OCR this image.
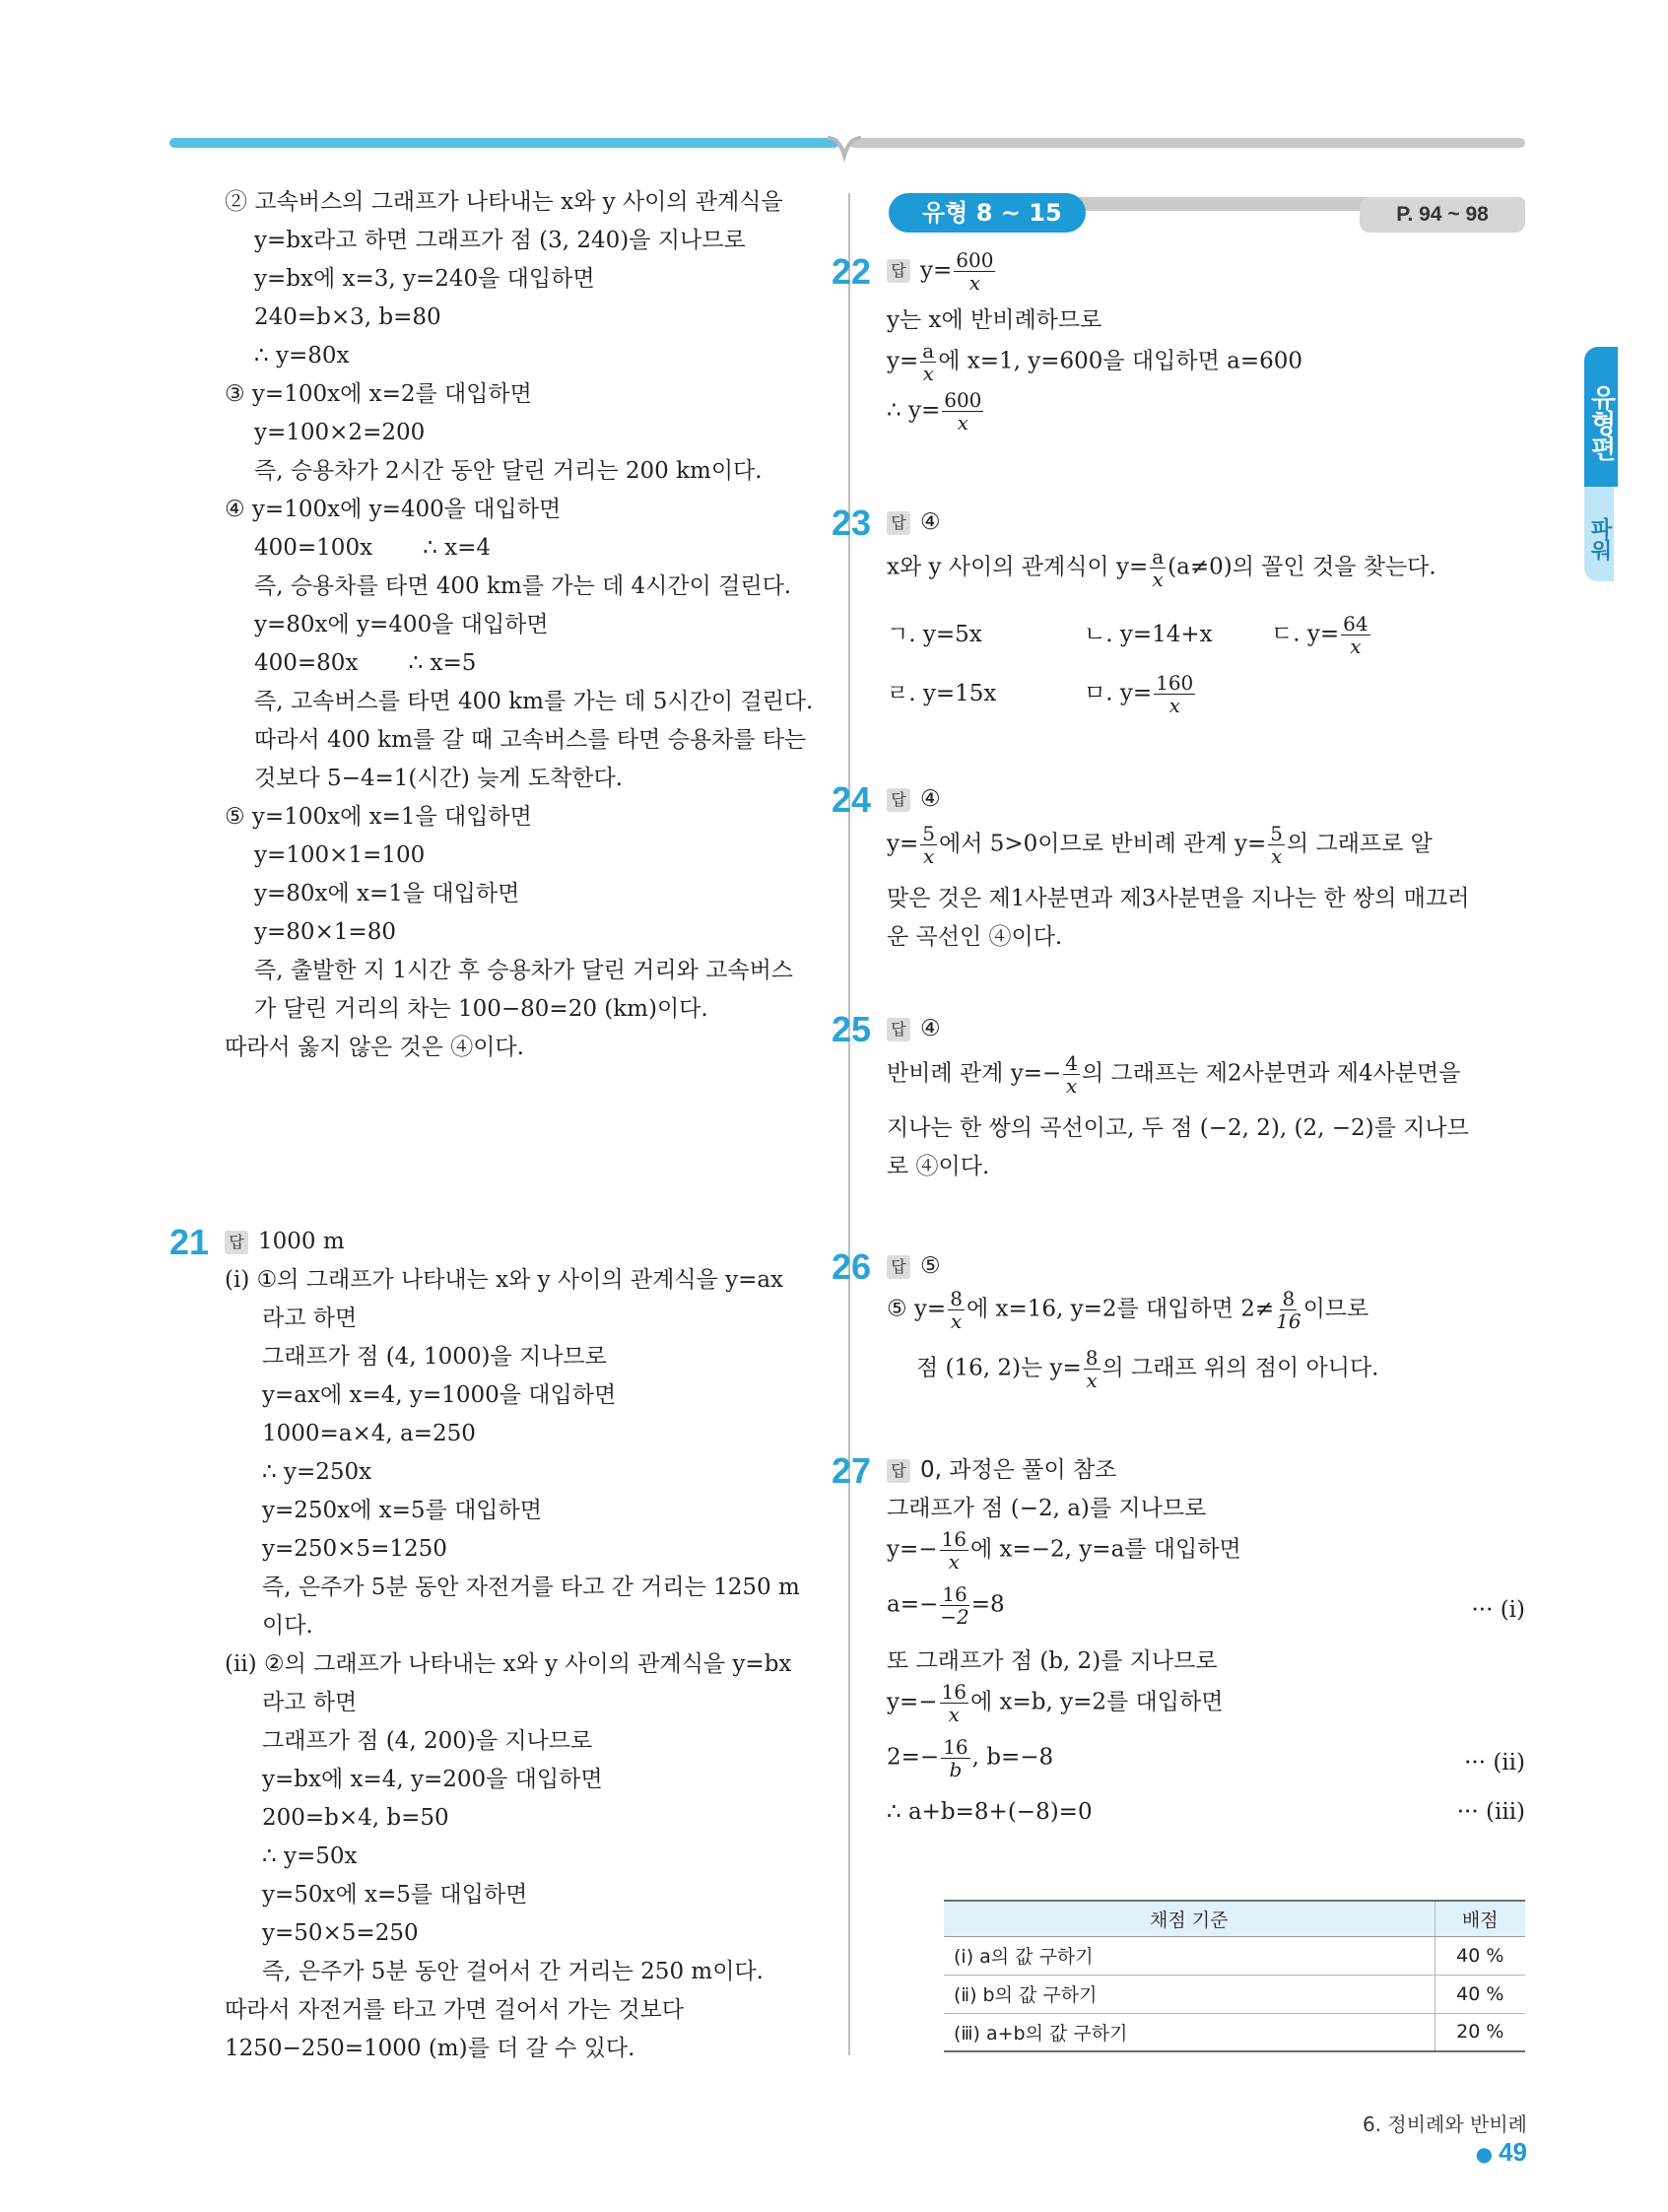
유형편
파워
② 고속버스의 그래프가 나타내는 x와 y 사이의 관계식을
y=bx라고 하면 그래프가 점 (3, 240)을 지나므로
y=bx에 x=3, y=240을 대입하면
240=b×3, b=80
∴ y=80x
③ y=100x에 x=2를 대입하면
y=100×2=200
즉, 승용차가 2시간 동안 달린 거리는 200 km이다.
④ y=100x에 y=400을 대입하면
400=100x       ∴ x=4
즉, 승용차를 타면 400 km를 가는 데 4시간이 걸린다.
y=80x에 y=400을 대입하면
400=80x       ∴ x=5
즉, 고속버스를 타면 400 km를 가는 데 5시간이 걸린다.
따라서 400 km를 갈 때 고속버스를 타면 승용차를 타는
것보다 5−4=1(시간) 늦게 도착한다.
⑤ y=100x에 x=1을 대입하면
y=100×1=100
y=80x에 x=1을 대입하면
y=80×1=80
즉, 출발한 지 1시간 후 승용차가 달린 거리와 고속버스
가 달린 거리의 차는 100−80=20 (km)이다.
따라서 옳지 않은 것은 ④이다.
21	답 1000 m
(ⅰ) ①의 그래프가 나타내는 x와 y 사이의 관계식을 y=ax
라고 하면
그래프가 점 (4, 1000)을 지나므로
y=ax에 x=4, y=1000을 대입하면
1000=a×4, a=250
∴ y=250x
y=250x에 x=5를 대입하면
y=250×5=1250
즉, 은주가 5분 동안 자전거를 타고 간 거리는 1250 m
이다.
(ⅱ) ②의 그래프가 나타내는 x와 y 사이의 관계식을 y=bx
라고 하면
그래프가 점 (4, 200)을 지나므로
y=bx에 x=4, y=200을 대입하면
200=b×4, b=50
∴ y=50x
y=50x에 x=5를 대입하면
y=50×5=250
즉, 은주가 5분 동안 걸어서 간 거리는 250 m이다.
따라서 자전거를 타고 가면 걸어서 가는 것보다
1250−250=1000 (m)를 더 갈 수 있다.
유형 8 ~ 15	P. 94 ~ 98
22	답 $y= \frac{600}{x}$
y는 x에 반비례하므로
$y= \frac{a}{x}$ 에 x=1, y=600을 대입하면 a=600
∴ $y= \frac{600}{x}$
23	답 ④
x와 y 사이의 관계식이 $y= \frac{a}{x} (a\ne 0)$의 꼴인 것을 찾는다.
ㄱ. y=5x	ㄴ. y=14+x	ㄷ. $y= \frac{64}{x}$
ㄹ. y=15x	ㅁ. $y= \frac{160}{x}$
24	답 ④
$y= \frac{5}{x}$ 에서 5>0이므로 반비례 관계 $y= \frac{5}{x}$ 의 그래프로 알
맞은 것은 제1사분면과 제3사분면을 지나는 한 쌍의 매끄러
운 곡선인 ④이다.
25	답 ④
반비례 관계 $y=- \frac{4}{x}$ 의 그래프는 제2사분면과 제4사분면을
지나는 한 쌍의 곡선이고, 두 점 (−2, 2), (2, −2)를 지나므
로 ④이다.
26	답 ⑤
⑤ $y= \frac{8}{x}$ 에 x=16, y=2를 대입하면 $2\ne \frac{8}{16}$ 이므로
점 (16, 2)는 $y= \frac{8}{x}$ 의 그래프 위의 점이 아니다.
27	답 0, 과정은 풀이 참조
그래프가 점 (−2, a)를 지나므로
$y=- \frac{16}{x}$ 에 x=−2, y=a를 대입하면
$a=- \frac{16}{-2} =8$	··· (ⅰ)
또 그래프가 점 (b, 2)를 지나므로
$y=- \frac{16}{x}$ 에 x=b, y=2를 대입하면
$2=- \frac{16}{b}$ , b=−8	··· (ⅱ)
∴ a+b=8+(−8)=0	··· (ⅲ)
채점 기준	배점
(ⅰ) a의 값 구하기	40 %
(ⅱ) b의 값 구하기	40 %
(ⅲ) a+b의 값 구하기	20 %
6. 정비례와 반비례● 49
